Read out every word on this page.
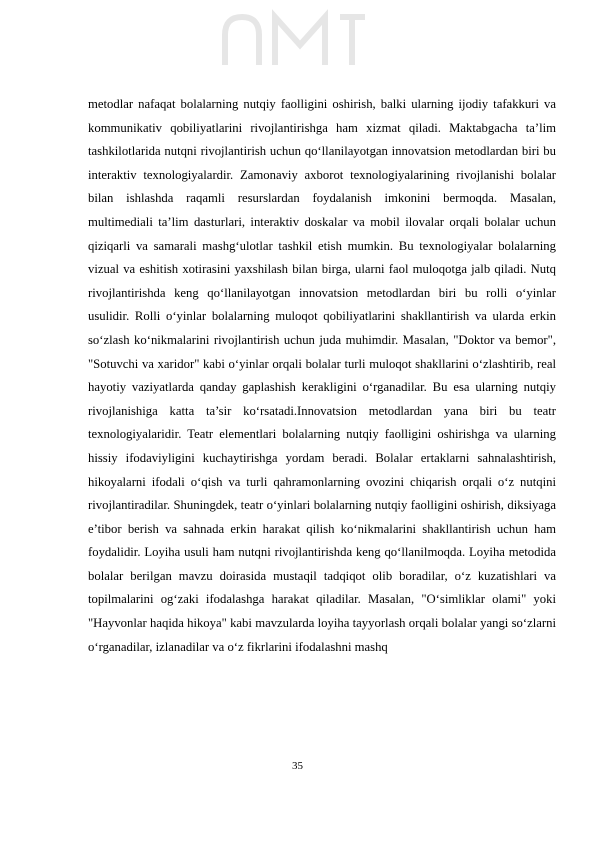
metodlar nafaqat bolalarning nutqiy faolligini oshirish, balki ularning ijodiy tafakkuri va kommunikativ qobiliyatlarini rivojlantirishga ham xizmat qiladi. Maktabgacha ta’lim tashkilotlarida nutqni rivojlantirish uchun qo‘llanilayotgan innovatsion metodlardan biri bu interaktiv texnologiyalardir. Zamonaviy axborot texnologiyalarining rivojlanishi bolalar bilan ishlashda raqamli resurslardan foydalanish imkonini bermoqda. Masalan, multimediali ta’lim dasturlari, interaktiv doskalar va mobil ilovalar orqali bolalar uchun qiziqarli va samarali mashg‘ulotlar tashkil etish mumkin. Bu texnologiyalar bolalarning vizual va eshitish xotirasini yaxshilash bilan birga, ularni faol muloqotga jalb qiladi. Nutq rivojlantirishda keng qo‘llanilayotgan innovatsion metodlardan biri bu rolli o‘yinlar usulidir. Rolli o‘yinlar bolalarning muloqot qobiliyatlarini shakllantirish va ularda erkin so‘zlash ko‘nikmalarini rivojlantirish uchun juda muhimdir. Masalan, "Doktor va bemor", "Sotuvchi va xaridor" kabi o‘yinlar orqali bolalar turli muloqot shakllarini o‘zlashtirib, real hayotiy vaziyatlarda qanday gaplashish kerakligini o‘rganadilar. Bu esa ularning nutqiy rivojlanishiga katta ta’sir ko‘rsatadi.Innovatsion metodlardan yana biri bu teatr texnologiyalaridir. Teatr elementlari bolalarning nutqiy faolligini oshirishga va ularning hissiy ifodaviyligini kuchaytirishga yordam beradi. Bolalar ertaklarni sahnalashtirish, hikoyalarni ifodali o‘qish va turli qahramonlarning ovozini chiqarish orqali o‘z nutqini rivojlantiradilar. Shuningdek, teatr o‘yinlari bolalarning nutqiy faolligini oshirish, diksiyaga e’tibor berish va sahnada erkin harakat qilish ko‘nikmalarini shakllantirish uchun ham foydalidir. Loyiha usuli ham nutqni rivojlantirishda keng qo‘llanilmoqda. Loyiha metodida bolalar berilgan mavzu doirasida mustaqil tadqiqot olib boradilar, o‘z kuzatishlari va topilmalarini og‘zaki ifodalashga harakat qiladilar. Masalan, "O‘simliklar olami" yoki "Hayvonlar haqida hikoya" kabi mavzularda loyiha tayyorlash orqali bolalar yangi so‘zlarni o‘rganadilar, izlanadilar va o‘z fikrlarini ifodalashni mashq

35
